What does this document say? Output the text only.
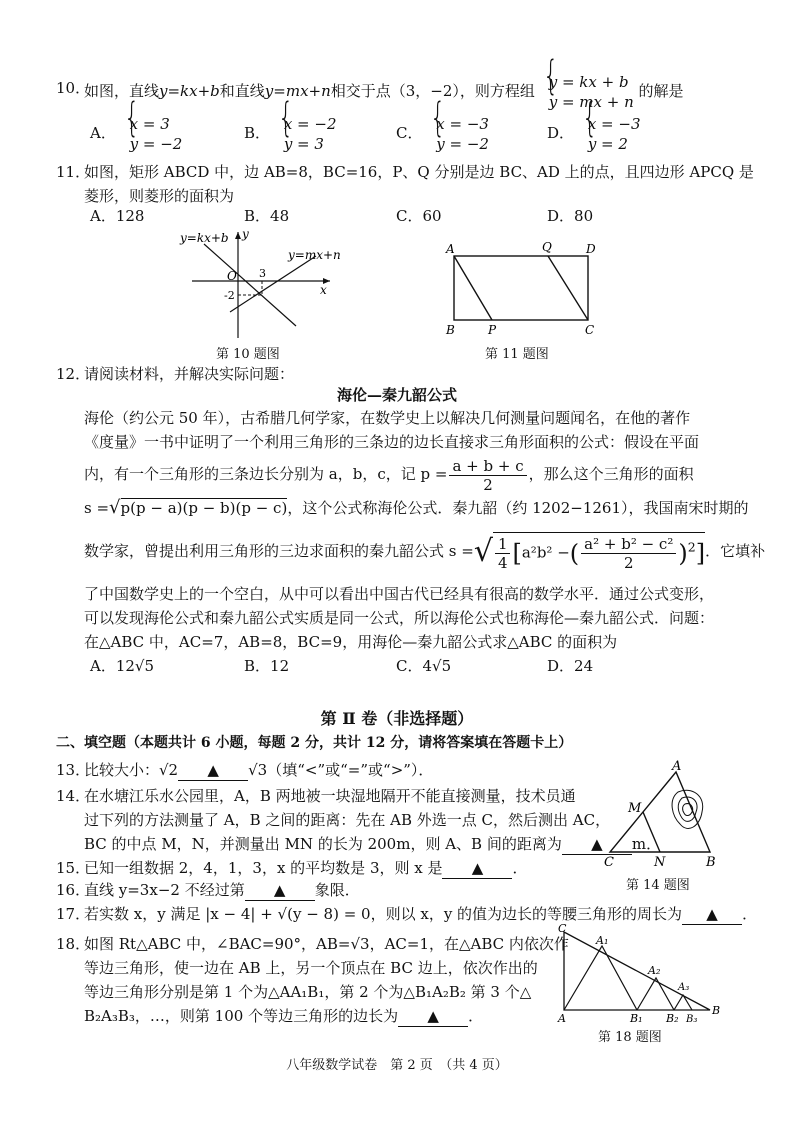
10．
如图，直线y=kx+b和直线y=mx+n相交于点（3，−2），则方程组 { y = kx + b
y = mx + n
的解是
A． { x = 3
y = −2
B． { x = −2
y = 3
C． { x = −3
y = −2
D． { x = −3
y = 2
11．
如图，矩形 ABCD 中，边 AB=8，BC=16，P、Q 分别是边 BC、AD 上的点，且四边形 APCQ 是
菱形，则菱形的面积为
A．128	B．48	C．60	D．80
y=kx+b
y=mx+n
y
x
O 3
-2
第 10 题图
A	Q	D
B	P	C
第 11 题图
12．
请阅读材料，并解决实际问题：
海伦—秦九韶公式
海伦（约公元 50 年），古希腊几何学家，在数学史上以解决几何测量问题闻名，在他的著作
《度量》一书中证明了一个利用三角形的三条边的边长直接求三角形面积的公式：假设在平面
内，有一个三角形的三条边长分别为 a，b，c，记 $p = \frac{a + b + c}{2}$ ，那么这个三角形的面积
s =√p(p − a)(p − b)(p − c)，这个公式称海伦公式．秦九韶（约 1202−1261），我国南宋时期的
数学家，曾提出利用三角形的三边求面积的秦九韶公式 s =√ $\frac{1}{4} [a^2b^2$ −( $\frac{\text{a² + b² − c²}}{2} )^2$]．它填补
了中国数学史上的一个空白，从中可以看出中国古代已经具有很高的数学水平．通过公式变形，
可以发现海伦公式和秦九韶公式实质是同一公式，所以海伦公式也称海伦—秦九韶公式．问题：
在△ABC 中，AC=7，AB=8，BC=9，用海伦—秦九韶公式求△ABC 的面积为
A．12√5	B．12	C．4√5	D．24
第 Ⅱ 卷（非选择题）
二、填空题（本题共计 6 小题，每题 2 分，共计 12 分，请将答案填在答题卡上）
13．
比较大小：√2 ▲ √3（填“<”或“=”或“>”）．
14．
在水塘江乐水公园里，A，B 两地被一块湿地隔开不能直接测量，技术员通
过下列的方法测量了 A，B 之间的距离：先在 AB 外选一点 C，然后测出 AC，
BC 的中点 M，N，并测量出 MN 的长为 200m，则 A、B 间的距离为 ▲ m．
A
M
C	N	B
第 14 题图
15．
已知一组数据 2，4，1，3，x 的平均数是 3，则 x 是 ▲ ．
16．
直线 y=3x−2 不经过第 ▲ 象限．
17．
若实数 x，y 满足 |x − 4| + √(y − 8) = 0，则以 x，y 的值为边长的等腰三角形的周长为 ▲ ．
18．
如图 Rt△ABC 中，∠BAC=90°，AB=√3，AC=1，在△ABC 内依次作
等边三角形，使一边在 AB 上，另一个顶点在 BC 边上，依次作出的
等边三角形分别是第 1 个为△AA₁B₁，第 2 个为△B₁A₂B₂ 第 3 个△
B₂A₃B₃，…，则第 100 个等边三角形的边长为 ▲ ．
C
A₁
A₂
A₃
A	B₁ B₂ B₃
B
第 18 题图
八年级数学试卷　第 2 页　（共 4 页）
